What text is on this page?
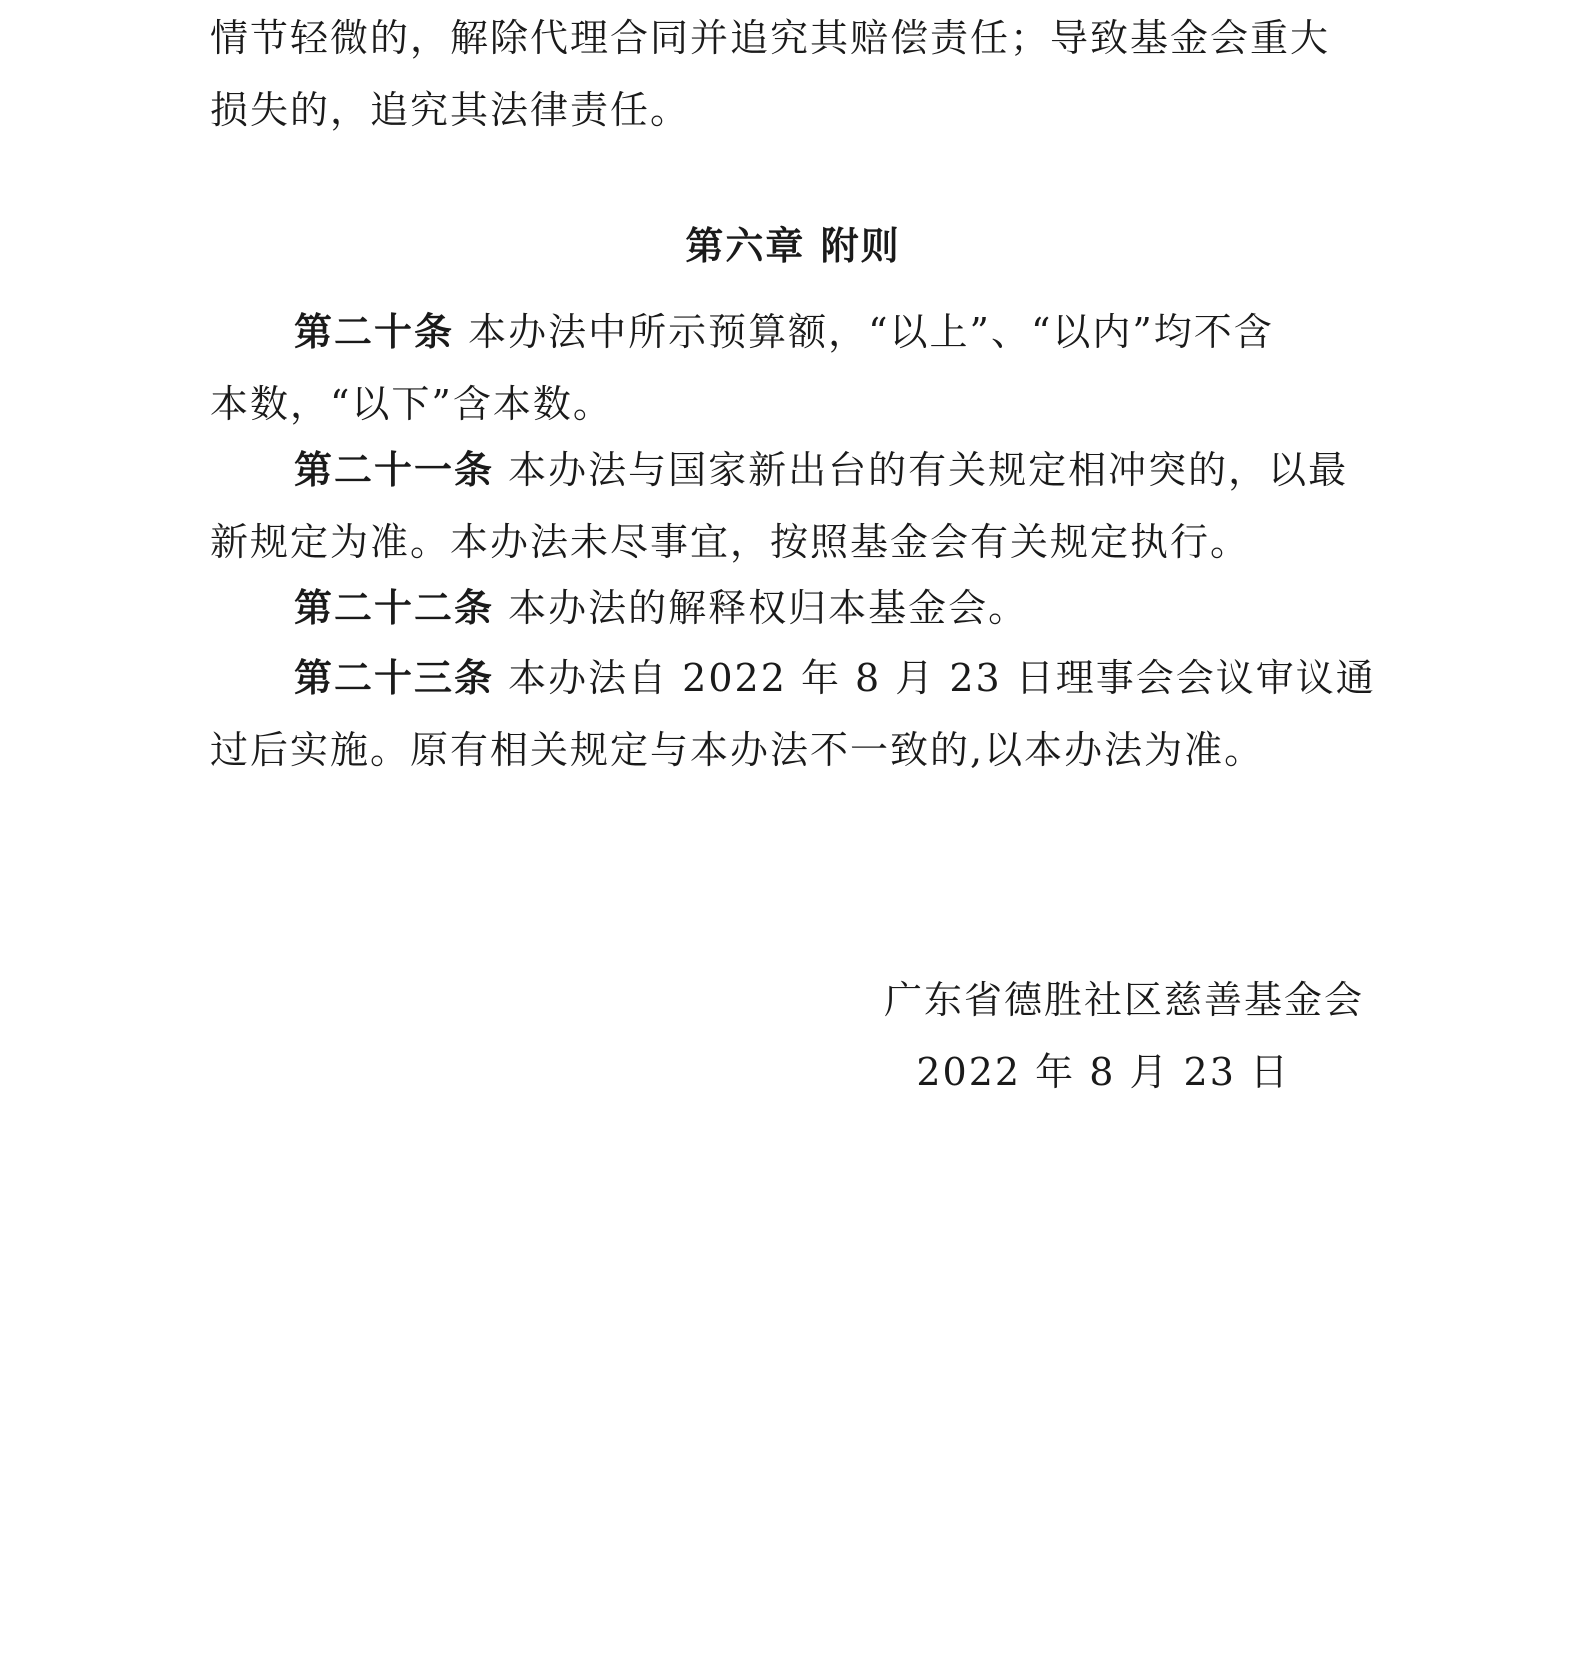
情节轻微的，解除代理合同并追究其赔偿责任；导致基金会重大
损失的，追究其法律责任。
第六章 附则
第二十条 本办法中所示预算额，“以上”、“以内”均不含
本数，“以下”含本数。
第二十一条 本办法与国家新出台的有关规定相冲突的，以最
新规定为准。本办法未尽事宜，按照基金会有关规定执行。
第二十二条 本办法的解释权归本基金会。
第二十三条 本办法自 2022 年 8 月 23 日理事会会议审议通
过后实施。原有相关规定与本办法不一致的,以本办法为准。
广东省德胜社区慈善基金会
2022 年 8 月 23 日
